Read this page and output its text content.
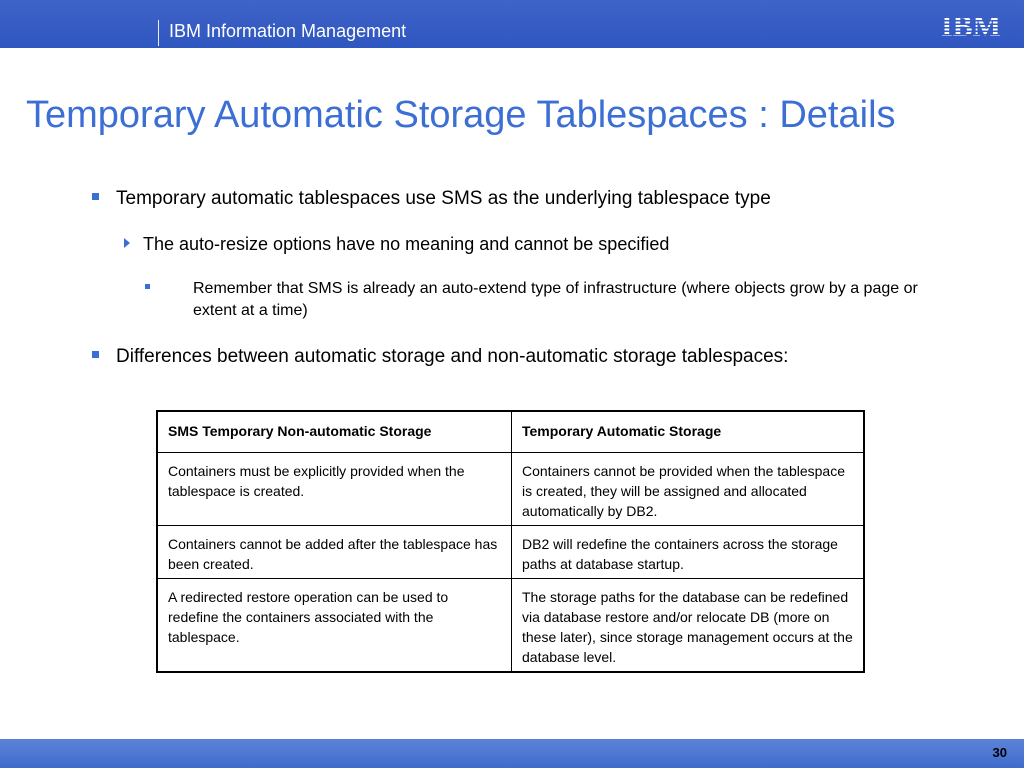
IBM Information Management	IBM
Temporary Automatic Storage Tablespaces : Details
Temporary automatic tablespaces use SMS as the underlying tablespace type
The auto-resize options have no meaning and cannot be specified
Remember that SMS is already an auto-extend type of infrastructure (where objects grow by a page or extent at a time)
Differences between automatic storage and non-automatic storage tablespaces:
SMS Temporary Non-automatic Storage	Temporary Automatic Storage
Containers must be explicitly provided when the tablespace is created.	Containers cannot be provided when the tablespace is created, they will be assigned and allocated automatically by DB2.
Containers cannot be added after the tablespace has been created.	DB2 will redefine the containers across the storage paths at database startup.
A redirected restore operation can be used to redefine the containers associated with the tablespace.	The storage paths for the database can be redefined via database restore and/or relocate DB (more on these later), since storage management occurs at the database level.
30
